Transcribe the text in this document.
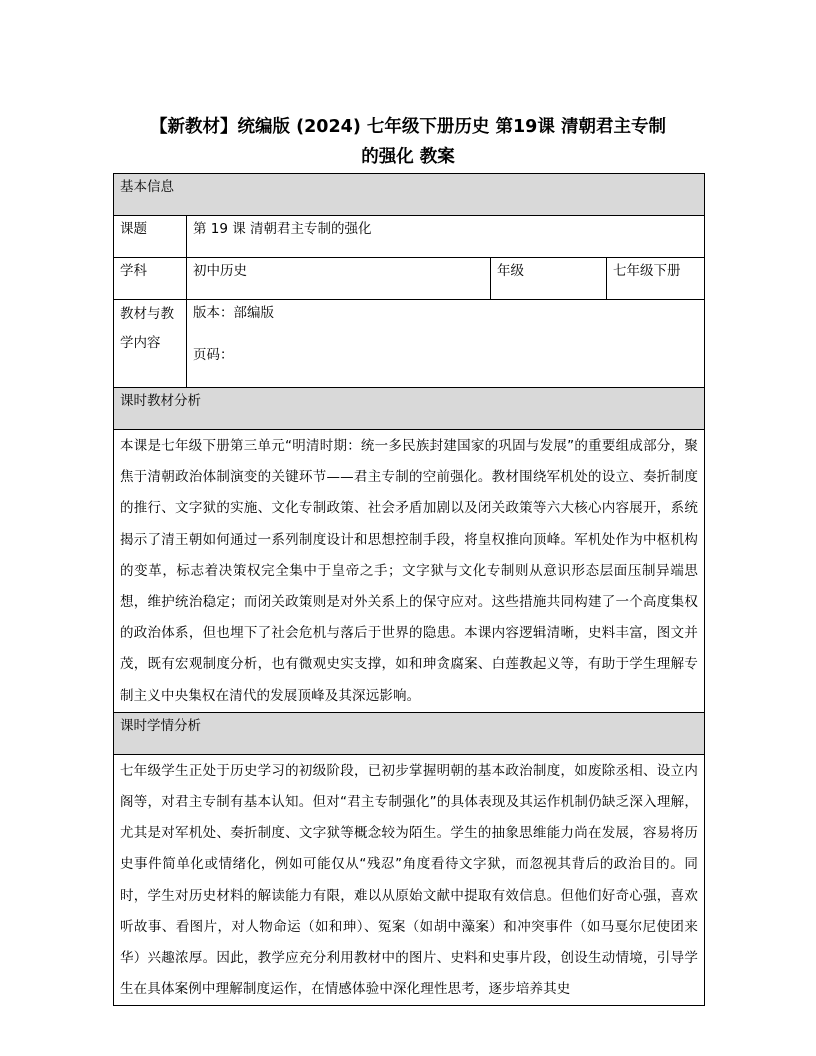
【新教材】统编版 (2024) 七年级下册历史 第19课 清朝君主专制
的强化 教案
基本信息			
课题	第 19 课 清朝君主专制的强化		
学科	初中历史	年级	七年级下册

教材与教
学内容	版本：部编版
页码：		

课时教材分析			
本课是七年级下册第三单元“明清时期：统一多民族封建国家的巩固与发展”的重要组成部分，聚焦于清朝政治体制演变的关键环节——君主专制的空前强化。教材围绕军机处的设立、奏折制度的推行、文字狱的实施、文化专制政策、社会矛盾加剧以及闭关政策等六大核心内容展开，系统揭示了清王朝如何通过一系列制度设计和思想控制手段，将皇权推向顶峰。军机处作为中枢机构的变革，标志着决策权完全集中于皇帝之手；文字狱与文化专制则从意识形态层面压制异端思想，维护统治稳定；而闭关政策则是对外关系上的保守应对。这些措施共同构建了一个高度集权的政治体系，但也埋下了社会危机与落后于世界的隐患。本课内容逻辑清晰，史料丰富，图文并茂，既有宏观制度分析，也有微观史实支撑，如和珅贪腐案、白莲教起义等，有助于学生理解专制主义中央集权在清代的发展顶峰及其深远影响。			
课时学情分析			
七年级学生正处于历史学习的初级阶段，已初步掌握明朝的基本政治制度，如废除丞相、设立内阁等，对君主专制有基本认知。但对“君主专制强化”的具体表现及其运作机制仍缺乏深入理解，尤其是对军机处、奏折制度、文字狱等概念较为陌生。学生的抽象思维能力尚在发展，容易将历史事件简单化或情绪化，例如可能仅从“残忍”角度看待文字狱，而忽视其背后的政治目的。同时，学生对历史材料的解读能力有限，难以从原始文献中提取有效信息。但他们好奇心强，喜欢听故事、看图片，对人物命运（如和珅）、冤案（如胡中藻案）和冲突事件（如马戛尔尼使团来华）兴趣浓厚。因此，教学应充分利用教材中的图片、史料和史事片段，创设生动情境，引导学生在具体案例中理解制度运作，在情感体验中深化理性思考，逐步培养其史			
